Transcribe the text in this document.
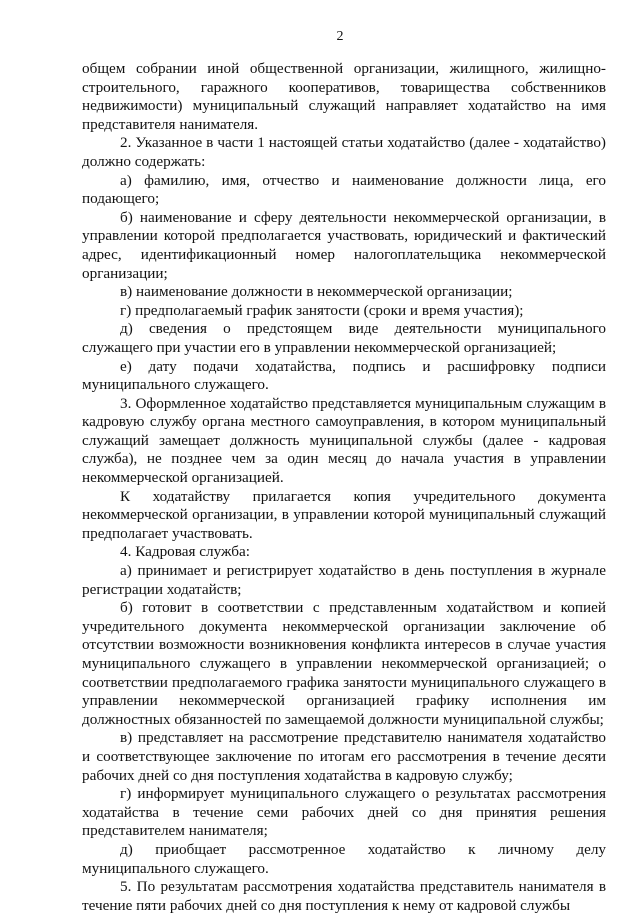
2

общем собрании иной общественной организации, жилищного, жилищно-строительного, гаражного кооперативов, товарищества собственников недвижимости) муниципальный служащий направляет ходатайство на имя представителя нанимателя.

2. Указанное в части 1 настоящей статьи ходатайство (далее - ходатайство) должно содержать:

а) фамилию, имя, отчество и наименование должности лица, его подающего;

б) наименование и сферу деятельности некоммерческой организации, в управлении которой предполагается участвовать, юридический и фактический адрес, идентификационный номер налогоплательщика некоммерческой организации;

в) наименование должности в некоммерческой организации;

г) предполагаемый график занятости (сроки и время участия);

д) сведения о предстоящем виде деятельности муниципального служащего при участии его в управлении некоммерческой организацией;

е) дату подачи ходатайства, подпись и расшифровку подписи муниципального служащего.

3. Оформленное ходатайство представляется муниципальным служащим в кадровую службу органа местного самоуправления, в котором муниципальный служащий замещает должность муниципальной службы (далее - кадровая служба), не позднее чем за один месяц до начала участия в управлении некоммерческой организацией.

К ходатайству прилагается копия учредительного документа некоммерческой организации, в управлении которой муниципальный служащий предполагает участвовать.

4. Кадровая служба:

а) принимает и регистрирует ходатайство в день поступления в журнале регистрации ходатайств;

б) готовит в соответствии с представленным ходатайством и копией учредительного документа некоммерческой организации заключение об отсутствии возможности возникновения конфликта интересов в случае участия муниципального служащего в управлении некоммерческой организацией; о соответствии предполагаемого графика занятости муниципального служащего в управлении некоммерческой организацией графику исполнения им должностных обязанностей по замещаемой должности муниципальной службы;

в) представляет на рассмотрение представителю нанимателя ходатайство и соответствующее заключение по итогам его рассмотрения в течение десяти рабочих дней со дня поступления ходатайства в кадровую службу;

г) информирует муниципального служащего о результатах рассмотрения ходатайства в течение семи рабочих дней со дня принятия решения представителем нанимателя;

д) приобщает рассмотренное ходатайство к личному делу муниципального служащего.

5. По результатам рассмотрения ходатайства представитель нанимателя в течение пяти рабочих дней со дня поступления к нему от кадровой службы
